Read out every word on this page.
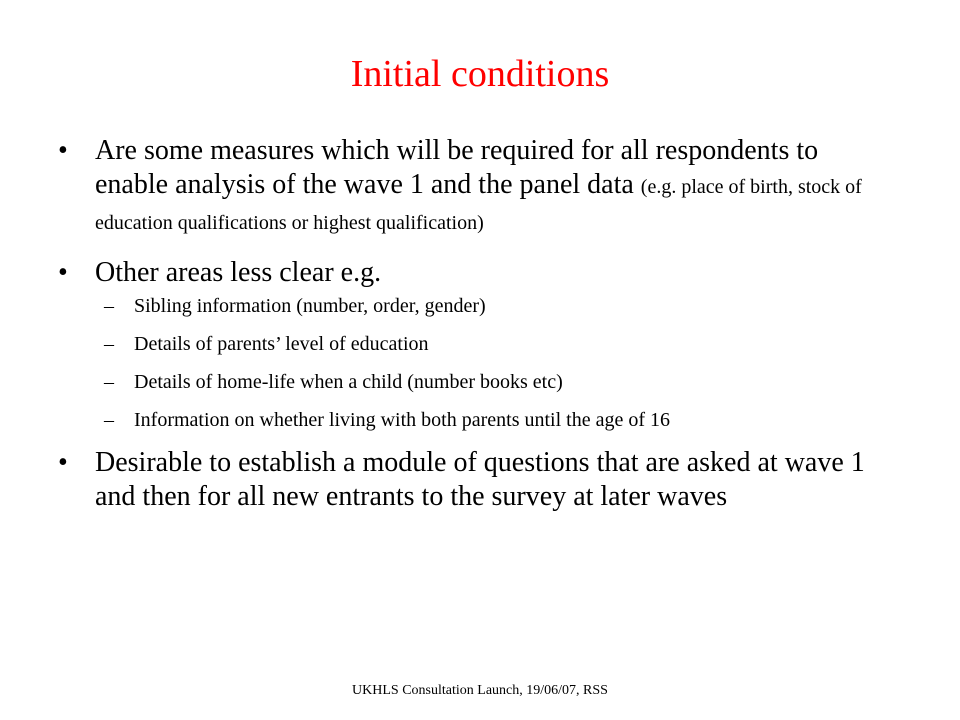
Initial conditions
• Are some measures which will be required for all respondents to enable analysis of the wave 1 and the panel data (e.g. place of birth, stock of education qualifications or highest qualification)
• Other areas less clear e.g.
– Sibling information (number, order, gender)
– Details of parents’ level of education
– Details of home-life when a child (number books etc)
– Information on whether living with both parents until the age of 16
• Desirable to establish a module of questions that are asked at wave 1 and then for all new entrants to the survey at later waves
UKHLS Consultation Launch, 19/06/07, RSS
